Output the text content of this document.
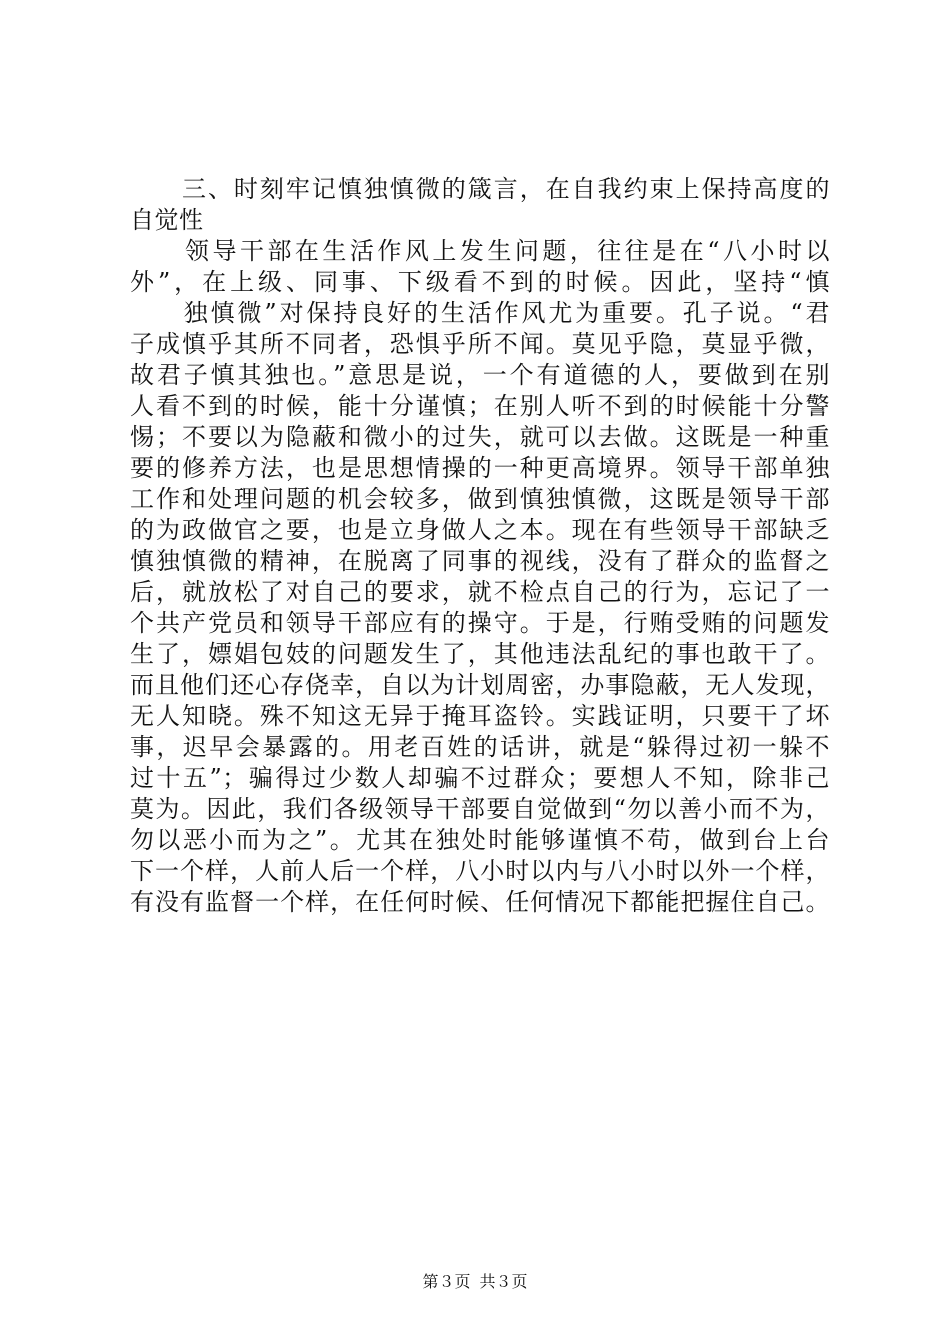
　　三、时刻牢记慎独慎微的箴言，在自我约束上保持高度的
自觉性
　　领导干部在生活作风上发生问题，往往是在“八小时以
外”，在上级、同事、下级看不到的时候。因此，坚持“慎
　　独慎微”对保持良好的生活作风尤为重要。孔子说。“君
子成慎乎其所不同者，恐惧乎所不闻。莫见乎隐，莫显乎微，
故君子慎其独也。”意思是说，一个有道德的人，要做到在别
人看不到的时候，能十分谨慎；在别人听不到的时候能十分警
惕；不要以为隐蔽和微小的过失，就可以去做。这既是一种重
要的修养方法，也是思想情操的一种更高境界。领导干部单独
工作和处理问题的机会较多，做到慎独慎微，这既是领导干部
的为政做官之要，也是立身做人之本。现在有些领导干部缺乏
慎独慎微的精神，在脱离了同事的视线，没有了群众的监督之
后，就放松了对自己的要求，就不检点自己的行为，忘记了一
个共产党员和领导干部应有的操守。于是，行贿受贿的问题发
生了，嫖娼包妓的问题发生了，其他违法乱纪的事也敢干了。
而且他们还心存侥幸，自以为计划周密，办事隐蔽，无人发现，
无人知晓。殊不知这无异于掩耳盗铃。实践证明，只要干了坏
事，迟早会暴露的。用老百姓的话讲，就是“躲得过初一躲不
过十五”；骗得过少数人却骗不过群众；要想人不知，除非己
莫为。因此，我们各级领导干部要自觉做到“勿以善小而不为，
勿以恶小而为之”。尤其在独处时能够谨慎不苟，做到台上台
下一个样，人前人后一个样，八小时以内与八小时以外一个样，
有没有监督一个样，在任何时候、任何情况下都能把握住自己。
第３页 共３页
